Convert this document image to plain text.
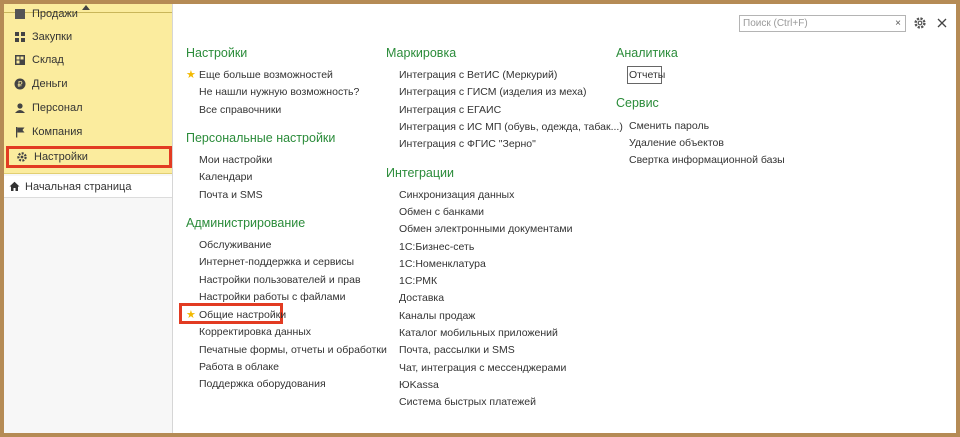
Продажи
Закупки
Склад
₽ Деньги
Персонал
Компания
Настройки
Начальная страница
Поиск (Ctrl+F)	×
Настройки
★ Еще больше возможностей
Не нашли нужную возможность?
Все справочники
Персональные настройки
Мои настройки
Календари
Почта и SMS
Администрирование
Обслуживание
Интернет-поддержка и сервисы
Настройки пользователей и прав
Настройки работы с файлами
★ Общие настройки
Корректировка данных
Печатные формы, отчеты и обработки
Работа в облаке
Поддержка оборудования
Маркировка
Интеграция с ВетИС (Меркурий)
Интеграция с ГИСМ (изделия из меха)
Интеграция с ЕГАИС
Интеграция с ИС МП (обувь, одежда, табак...)
Интеграция с ФГИС "Зерно"
Интеграции
Синхронизация данных
Обмен с банками
Обмен электронными документами
1С:Бизнес-сеть
1С:Номенклатура
1С:РМК
Доставка
Каналы продаж
Каталог мобильных приложений
Почта, рассылки и SMS
Чат, интеграция с мессенджерами
ЮKassa
Система быстрых платежей
Аналитика
Отчеты
Сервис
Сменить пароль
Удаление объектов
Свертка информационной базы
